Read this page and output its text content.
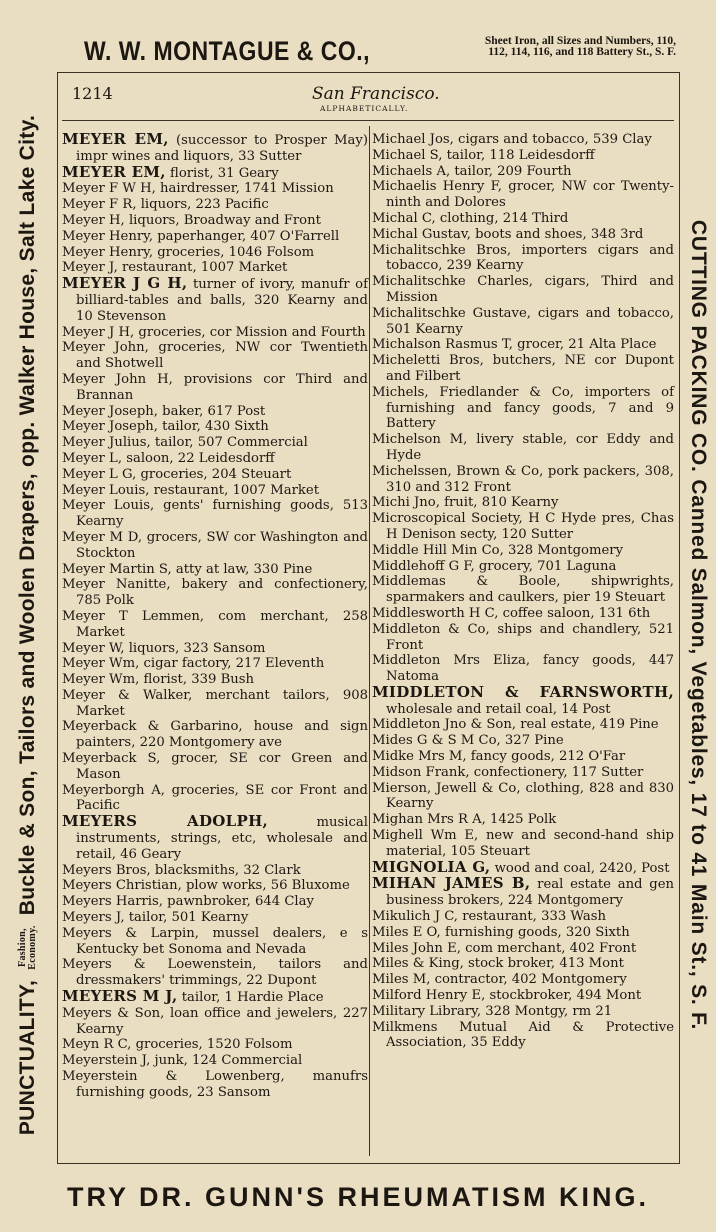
W. W. MONTAGUE & CO.,	Sheet Iron, all Sizes and Numbers, 110,
112, 114, 116, and 118 Battery St., S. F.
1214	San Francisco.
ALPHABETICALLY.
PUNCTUALITY, Fashion,
Economy. Buckle & Son, Tailors and Woolen Drapers, opp. Walker House, Salt Lake City.	CUTTING PACKING CO. Canned Salmon, Vegetables, 17 to 41 Main St., S. F.

MEYER EM, (successor to Prosper May) impr wines and liquors, 33 Sutter

MEYER EM, florist, 31 Geary

Meyer F W H, hairdresser, 1741 Mission

Meyer F R, liquors, 223 Pacific

Meyer H, liquors, Broadway and Front

Meyer Henry, paperhanger, 407 O'Farrell

Meyer Henry, groceries, 1046 Folsom

Meyer J, restaurant, 1007 Market

MEYER J G H, turner of ivory, manufr of billiard-tables and balls, 320 Kearny and 10 Stevenson

Meyer J H, groceries, cor Mission and Fourth

Meyer John, groceries, NW cor Twentieth and Shotwell

Meyer John H, provisions cor Third and Brannan

Meyer Joseph, baker, 617 Post

Meyer Joseph, tailor, 430 Sixth

Meyer Julius, tailor, 507 Commercial

Meyer L, saloon, 22 Leidesdorff

Meyer L G, groceries, 204 Steuart

Meyer Louis, restaurant, 1007 Market

Meyer Louis, gents' furnishing goods, 513 Kearny

Meyer M D, grocers, SW cor Washington and Stockton

Meyer Martin S, atty at law, 330 Pine

Meyer Nanitte, bakery and confectionery, 785 Polk

Meyer T Lemmen, com merchant, 258 Market

Meyer W, liquors, 323 Sansom

Meyer Wm, cigar factory, 217 Eleventh

Meyer Wm, florist, 339 Bush

Meyer & Walker, merchant tailors, 908 Market

Meyerback & Garbarino, house and sign painters, 220 Montgomery ave

Meyerback S, grocer, SE cor Green and Mason

Meyerborgh A, groceries, SE cor Front and Pacific

MEYERS ADOLPH, musical instruments, strings, etc, wholesale and retail, 46 Geary

Meyers Bros, blacksmiths, 32 Clark

Meyers Christian, plow works, 56 Bluxome

Meyers Harris, pawnbroker, 644 Clay

Meyers J, tailor, 501 Kearny

Meyers & Larpin, mussel dealers, e s Kentucky bet Sonoma and Nevada

Meyers & Loewenstein, tailors and dressmakers' trimmings, 22 Dupont

MEYERS M J, tailor, 1 Hardie Place

Meyers & Son, loan office and jewelers, 227 Kearny

Meyn R C, groceries, 1520 Folsom

Meyerstein J, junk, 124 Commercial

Meyerstein & Lowenberg, manufrs furnishing goods, 23 Sansom

Michael Jos, cigars and tobacco, 539 Clay

Michael S, tailor, 118 Leidesdorff

Michaels A, tailor, 209 Fourth

Michaelis Henry F, grocer, NW cor Twenty-ninth and Dolores

Michal C, clothing, 214 Third

Michal Gustav, boots and shoes, 348 3rd

Michalitschke Bros, importers cigars and tobacco, 239 Kearny

Michalitschke Charles, cigars, Third and Mission

Michalitschke Gustave, cigars and tobacco, 501 Kearny

Michalson Rasmus T, grocer, 21 Alta Place

Micheletti Bros, butchers, NE cor Dupont and Filbert

Michels, Friedlander & Co, importers of furnishing and fancy goods, 7 and 9 Battery

Michelson M, livery stable, cor Eddy and Hyde

Michelssen, Brown & Co, pork packers, 308, 310 and 312 Front

Michi Jno, fruit, 810 Kearny

Microscopical Society, H C Hyde pres, Chas H Denison secty, 120 Sutter

Middle Hill Min Co, 328 Montgomery

Middlehoff G F, grocery, 701 Laguna

Middlemas & Boole, shipwrights, sparmakers and caulkers, pier 19 Steuart

Middlesworth H C, coffee saloon, 131 6th

Middleton & Co, ships and chandlery, 521 Front

Middleton Mrs Eliza, fancy goods, 447 Natoma

MIDDLETON & FARNSWORTH, wholesale and retail coal, 14 Post

Middleton Jno & Son, real estate, 419 Pine

Mides G & S M Co, 327 Pine

Midke Mrs M, fancy goods, 212 O'Far

Midson Frank, confectionery, 117 Sutter

Mierson, Jewell & Co, clothing, 828 and 830 Kearny

Mighan Mrs R A, 1425 Polk

Mighell Wm E, new and second-hand ship material, 105 Steuart

MIGNOLIA G, wood and coal, 2420, Post

MIHAN JAMES B, real estate and gen business brokers, 224 Montgomery

Mikulich J C, restaurant, 333 Wash

Miles E O, furnishing goods, 320 Sixth

Miles John E, com merchant, 402 Front

Miles & King, stock broker, 413 Mont

Miles M, contractor, 402 Montgomery

Milford Henry E, stockbroker, 494 Mont

Military Library, 328 Montgy, rm 21

Milkmens Mutual Aid & Protective Association, 35 Eddy

TRY DR. GUNN'S RHEUMATISM KING.
